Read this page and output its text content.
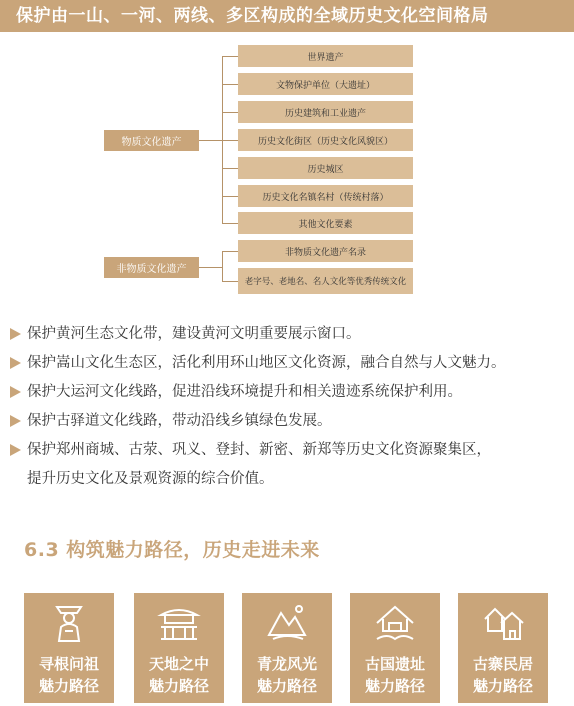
保护由一山、一河、两线、多区构成的全域历史文化空间格局
物质文化遗产
非物质文化遗产
世界遗产
文物保护单位（大遗址）
历史建筑和工业遗产
历史文化街区（历史文化风貌区）
历史城区
历史文化名镇名村（传统村落）
其他文化要素
非物质文化遗产名录
老字号、老地名、名人文化等优秀传统文化
保护黄河生态文化带，建设黄河文明重要展示窗口。
保护嵩山文化生态区，活化利用环山地区文化资源，融合自然与人文魅力。
保护大运河文化线路，促进沿线环境提升和相关遗迹系统保护利用。
保护古驿道文化线路，带动沿线乡镇绿色发展。
保护郑州商城、古荥、巩义、登封、新密、新郑等历史文化资源聚集区，
提升历史文化及景观资源的综合价值。
6.3 构筑魅力路径，历史走进未来
寻根问祖
魅力路径
天地之中
魅力路径
青龙风光
魅力路径
古国遗址
魅力路径
古寨民居
魅力路径
